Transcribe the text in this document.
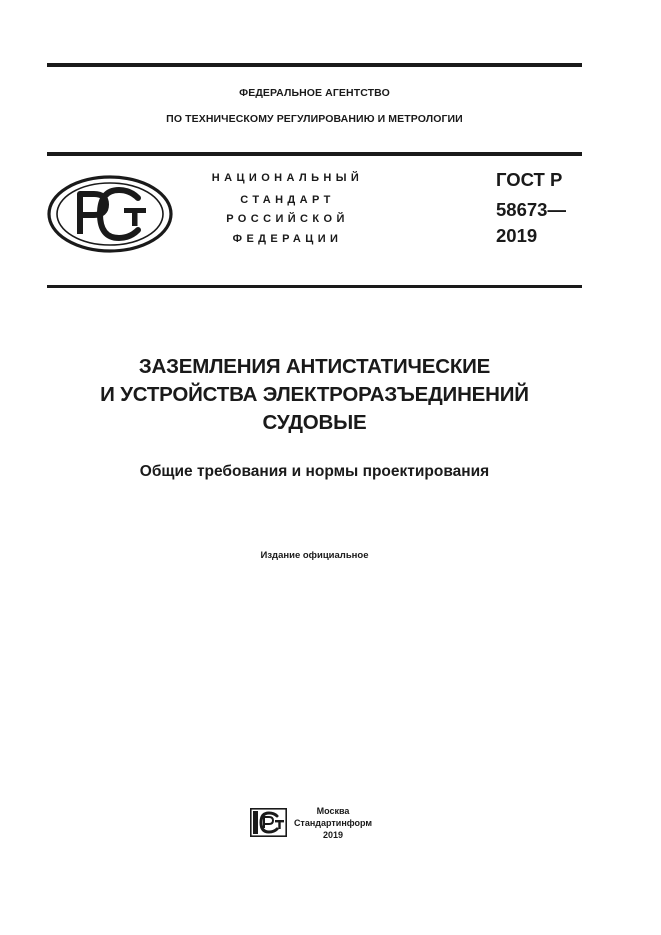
ФЕДЕРАЛЬНОЕ АГЕНТСТВО
ПО ТЕХНИЧЕСКОМУ РЕГУЛИРОВАНИЮ И МЕТРОЛОГИИ
НАЦИОНАЛЬНЫЙ
СТАНДАРТ
РОССИЙСКОЙ
ФЕДЕРАЦИИ
ГОСТ Р
58673—
2019
ЗАЗЕМЛЕНИЯ АНТИСТАТИЧЕСКИЕ
И УСТРОЙСТВА ЭЛЕКТРОРАЗЪЕДИНЕНИЙ
СУДОВЫЕ
Общие требования и нормы проектирования
Издание официальное
Москва
Стандартинформ
2019
